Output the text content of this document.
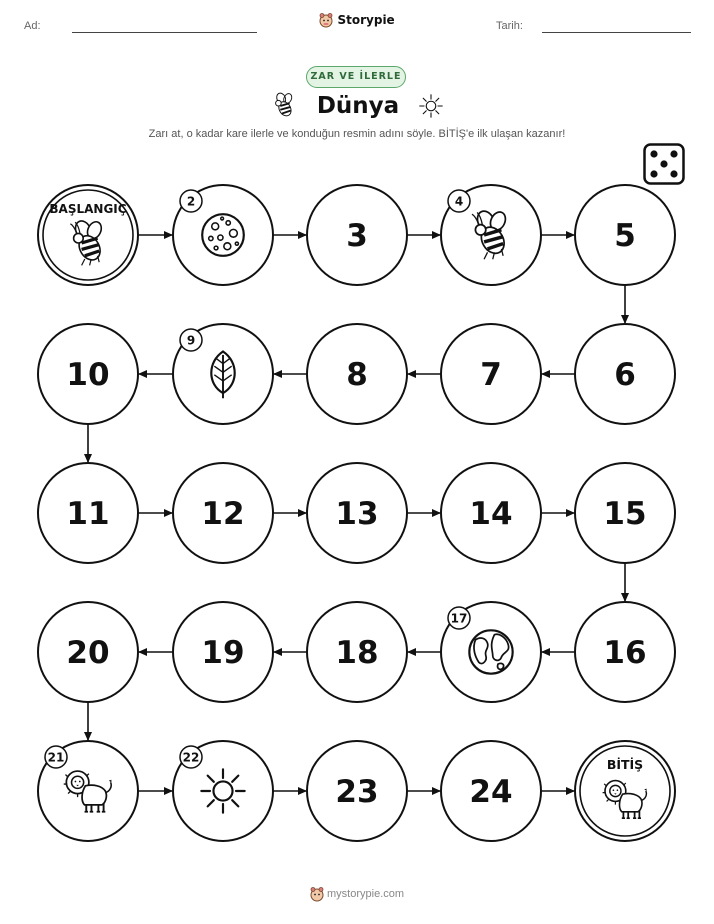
Ad:	Tarih:
Storypie
ZAR VE İLERLE
Dünya
Zarı at, o kadar kare ilerle ve konduğun resmin adını söyle. BİTİŞ'e ilk ulaşan kazanır!
BAŞLANGIÇ
2
3
4
5
6
7
8
9
10
11	12	13	14	15
16
17
18
19
20
21	22
23	24
BİTİŞ
mystorypie.com
